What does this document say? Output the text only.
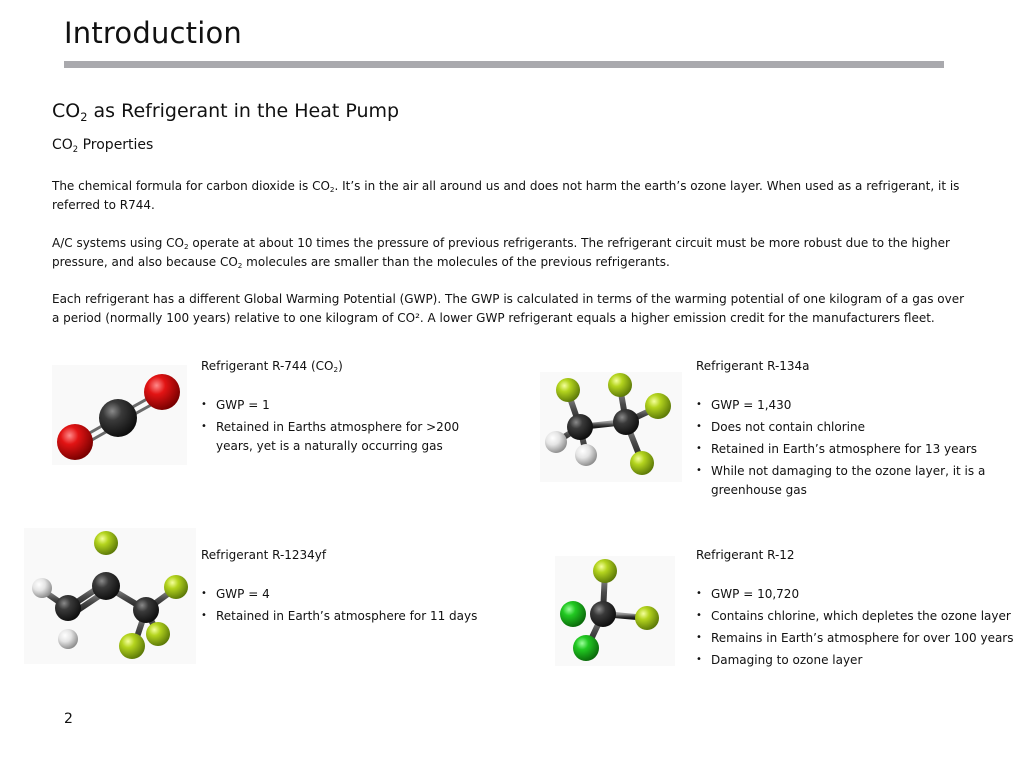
Introduction
$CO_2$ as Refrigerant in the Heat Pump
$CO_2$ Properties
The chemical formula for carbon dioxide is $CO_2$. It’s in the air all around us and does not harm the earth’s ozone layer. When used as a refrigerant, it is referred to R744.
A/C systems using $CO_2$ operate at about 10 times the pressure of previous refrigerants. The refrigerant circuit must be more robust due to the higher pressure, and also because $CO_2$ molecules are smaller than the molecules of the previous refrigerants.
Each refrigerant has a different Global Warming Potential (GWP). The GWP is calculated in terms of the warming potential of one kilogram of a gas over a period (normally 100 years) relative to one kilogram of CO². A lower GWP refrigerant equals a higher emission credit for the manufacturers fleet.
Refrigerant R-744 $(CO_2)$
• GWP = 1
• Retained in Earths atmosphere for >200 years, yet is a naturally occurring gas
Refrigerant R-134a
• GWP = 1,430
• Does not contain chlorine
• Retained in Earth’s atmosphere for 13 years
• While not damaging to the ozone layer, it is a greenhouse gas
Refrigerant R-1234yf
• GWP = 4
• Retained in Earth’s atmosphere for 11 days
Refrigerant R-12
• GWP = 10,720
• Contains chlorine, which depletes the ozone layer
• Remains in Earth’s atmosphere for over 100 years
• Damaging to ozone layer
2
